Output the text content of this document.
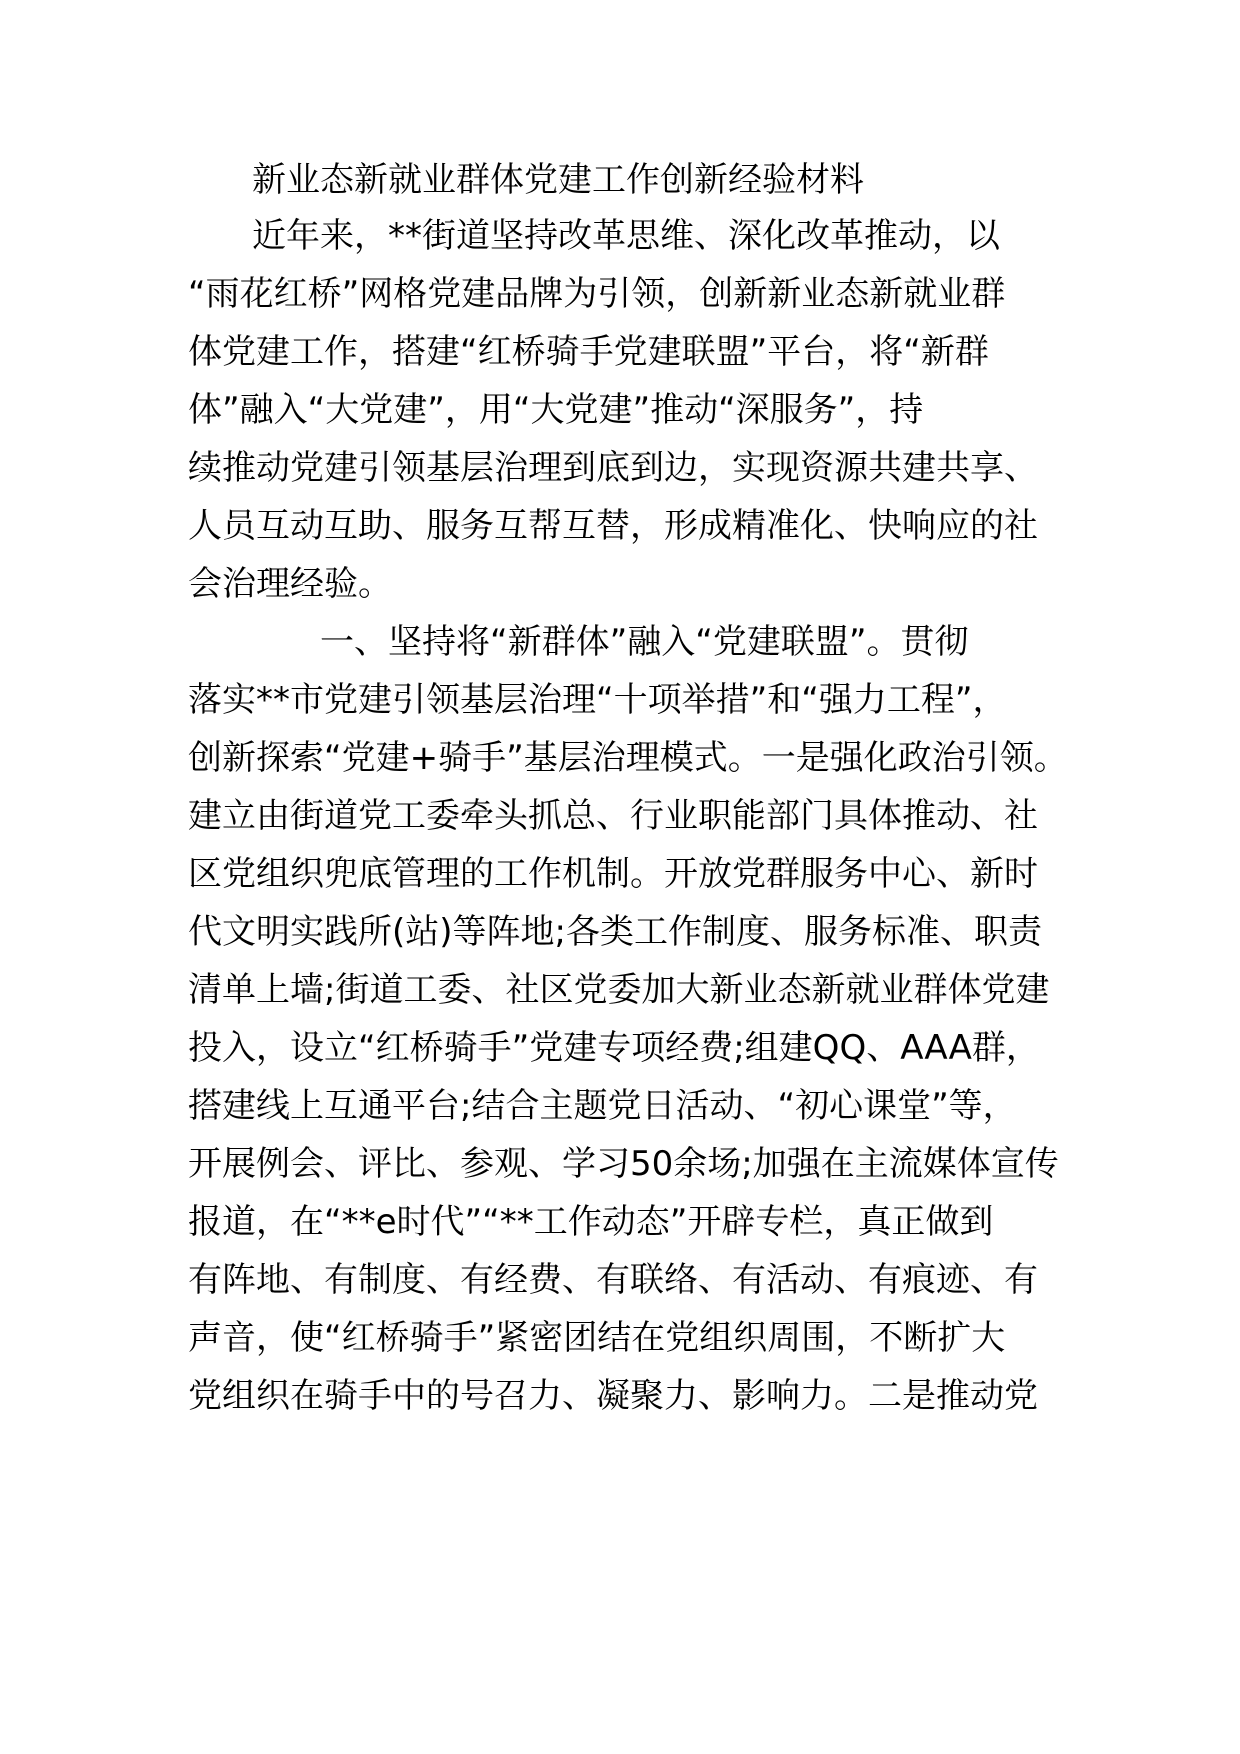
新业态新就业群体党建工作创新经验材料
近年来，**街道坚持改革思维、深化改革推动，以
“雨花红桥”网格党建品牌为引领，创新新业态新就业群
体党建工作，搭建“红桥骑手党建联盟”平台，将“新群
体”融入“大党建”，用“大党建”推动“深服务”，持
续推动党建引领基层治理到底到边，实现资源共建共享、
人员互动互助、服务互帮互替，形成精准化、快响应的社
会治理经验。
一、坚持将“新群体”融入“党建联盟”。贯彻
落实**市党建引领基层治理“十项举措”和“强力工程”，
创新探索“党建+骑手”基层治理模式。一是强化政治引领。
建立由街道党工委牵头抓总、行业职能部门具体推动、社
区党组织兜底管理的工作机制。开放党群服务中心、新时
代文明实践所(站)等阵地;各类工作制度、服务标准、职责
清单上墙;街道工委、社区党委加大新业态新就业群体党建
投入，设立“红桥骑手”党建专项经费;组建QQ、AAA群，
搭建线上互通平台;结合主题党日活动、“初心课堂”等，
开展例会、评比、参观、学习50余场;加强在主流媒体宣传
报道，在“**e时代”“**工作动态”开辟专栏，真正做到
有阵地、有制度、有经费、有联络、有活动、有痕迹、有
声音，使“红桥骑手”紧密团结在党组织周围，不断扩大
党组织在骑手中的号召力、凝聚力、影响力。二是推动党
